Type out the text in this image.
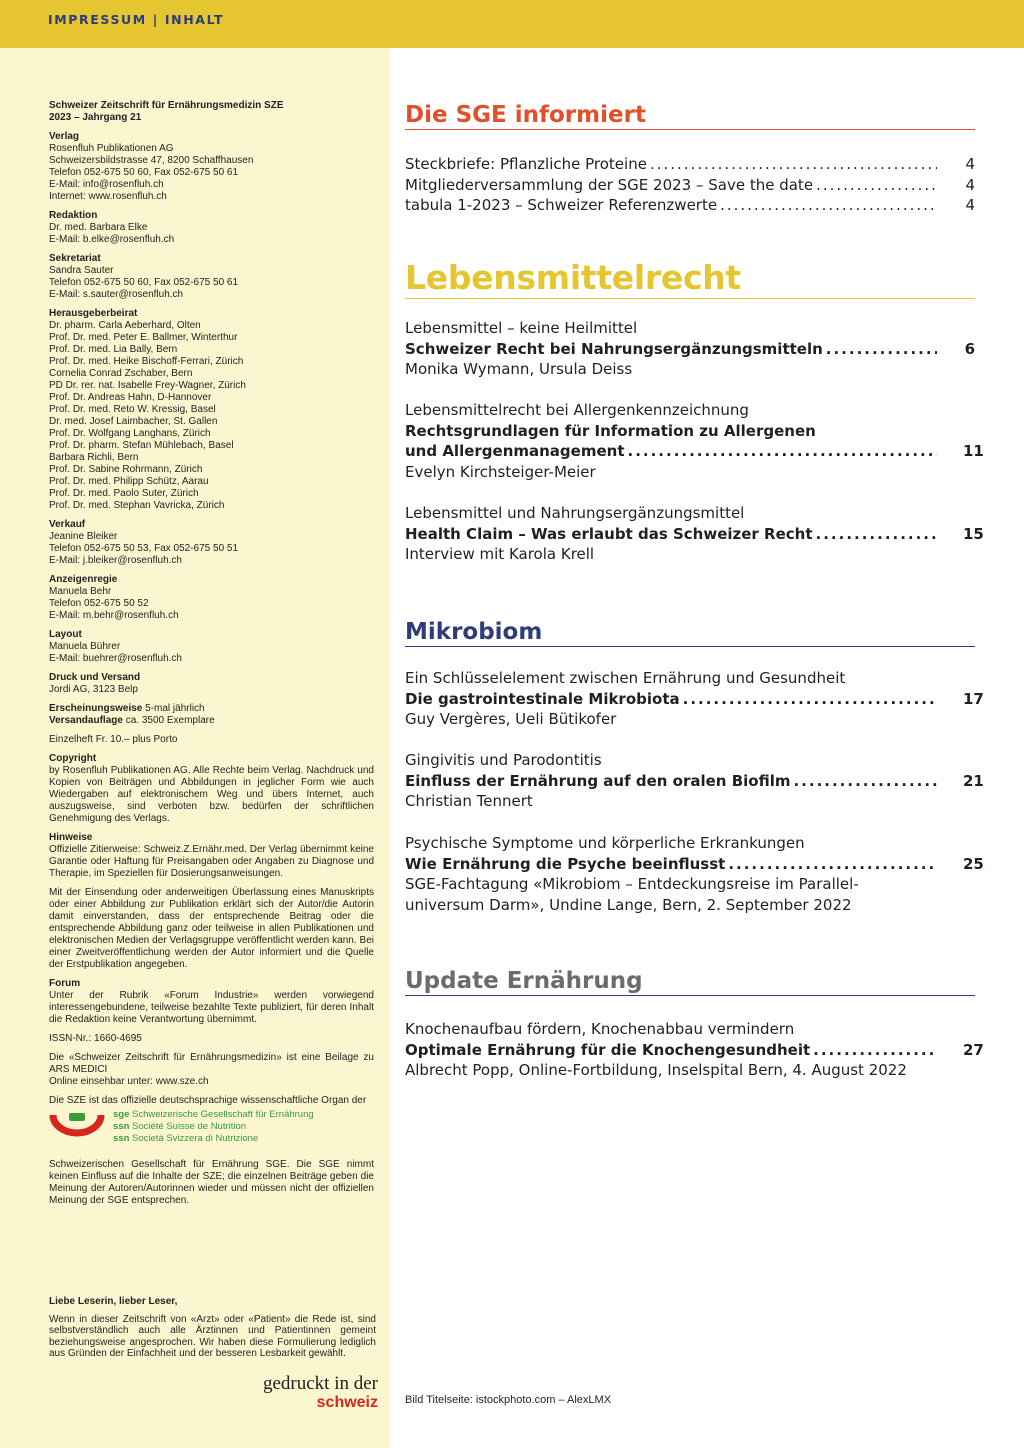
IMPRESSUM | INHALT
Schweizer Zeitschrift für Ernährungsmedizin SZE
2023 – Jahrgang 21
Verlag
Rosenfluh Publikationen AG
Schweizersbildstrasse 47, 8200 Schaffhausen
Telefon 052-675 50 60, Fax 052-675 50 61
E-Mail: info@rosenfluh.ch
Internet: www.rosenfluh.ch
Redaktion
Dr. med. Barbara Elke
E-Mail: b.elke@rosenfluh.ch
Sekretariat
Sandra Sauter
Telefon 052-675 50 60, Fax 052-675 50 61
E-Mail: s.sauter@rosenfluh.ch
Herausgeberbeirat
Dr. pharm. Carla Aeberhard, Olten
Prof. Dr. med. Peter E. Ballmer, Winterthur
Prof. Dr. med. Lia Bally, Bern
Prof. Dr. med. Heike Bischoff-Ferrari, Zürich
Cornelia Conrad Zschaber, Bern
PD Dr. rer. nat. Isabelle Frey-Wagner, Zürich
Prof. Dr. Andreas Hahn, D-Hannover
Prof. Dr. med. Reto W. Kressig, Basel
Dr. med. Josef Laimbacher, St. Gallen
Prof. Dr. Wolfgang Langhans, Zürich
Prof. Dr. pharm. Stefan Mühlebach, Basel
Barbara Richli, Bern
Prof. Dr. Sabine Rohrmann, Zürich
Prof. Dr. med. Philipp Schütz, Aarau
Prof. Dr. med. Paolo Suter, Zürich
Prof. Dr. med. Stephan Vavricka, Zürich
Verkauf
Jeanine Bleiker
Telefon 052-675 50 53, Fax 052-675 50 51
E-Mail: j.bleiker@rosenfluh.ch
Anzeigenregie
Manuela Behr
Telefon 052-675 50 52
E-Mail: m.behr@rosenfluh.ch
Layout
Manuela Bührer
E-Mail: buehrer@rosenfluh.ch
Druck und Versand
Jordi AG, 3123 Belp
Erscheinungsweise 5-mal jährlich
Versandauflage ca. 3500 Exemplare
Einzelheft Fr. 10.– plus Porto
Copyright
by Rosenfluh Publikationen AG. Alle Rechte beim Verlag. Nachdruck und Kopien von Beiträgen und Abbildungen in jeglicher Form wie auch Wiedergaben auf elektronischem Weg und übers Internet, auch auszugsweise, sind verboten bzw. bedürfen der schriftlichen Genehmigung des Verlags.
Hinweise
Offizielle Zitierweise: Schweiz.Z.Ernähr.med. Der Verlag übernimmt keine Garantie oder Haftung für Preisangaben oder Angaben zu Diagnose und Therapie, im Speziellen für Dosierungsanweisungen.
Mit der Einsendung oder anderweitigen Überlassung eines Manuskripts oder einer Abbildung zur Publikation erklärt sich der Autor/die Autorin damit einverstanden, dass der entsprechende Beitrag oder die entsprechende Abbildung ganz oder teilweise in allen Publikationen und elektronischen Medien der Verlagsgruppe veröffentlicht werden kann. Bei einer Zweitveröffentlichung werden der Autor informiert und die Quelle der Erstpublikation angegeben.
Forum
Unter der Rubrik «Forum Industrie» werden vorwiegend interessengebundene, teilweise bezahlte Texte publiziert, für deren Inhalt die Redaktion keine Verantwortung übernimmt.
ISSN-Nr.: 1660-4695
Die «Schweizer Zeitschrift für Ernährungsmedizin» ist eine Beilage zu ARS MEDICI
Online einsehbar unter: www.sze.ch
Die SZE ist das offizielle deutschsprachige wissenschaftliche Organ der
sge Schweizerische Gesellschaft für Ernährung
ssn Société Suisse de Nutrition
ssn Società Svizzera di Nutrizione
Schweizerischen Gesellschaft für Ernährung SGE. Die SGE nimmt keinen Einfluss auf die Inhalte der SZE; die einzelnen Beiträge geben die Meinung der Autoren/Autorinnen wieder und müssen nicht der offiziellen Meinung der SGE entsprechen.
Liebe Leserin, lieber Leser,
Wenn in dieser Zeitschrift von «Arzt» oder «Patient» die Rede ist, sind selbstverständlich auch alle Ärztinnen und Patientinnen gemeint beziehungsweise angesprochen. Wir haben diese Formulierung lediglich aus Gründen der Einfachheit und der besseren Lesbarkeit gewählt.
gedruckt in der
schweiz
Die SGE informiert
Steckbriefe: Pflanzliche Proteine .....	4
Mitgliederversammlung der SGE 2023 – Save the date .....	4
tabula 1-2023 – Schweizer Referenzwerte .....	4
Lebensmittelrecht
Lebensmittel – keine Heilmittel
Schweizer Recht bei Nahrungsergänzungsmitteln .....	6
Monika Wymann, Ursula Deiss
Lebensmittelrecht bei Allergenkennzeichnung
Rechtsgrundlagen für Information zu Allergenen
und Allergenmanagement .....	11
Evelyn Kirchsteiger-Meier
Lebensmittel und Nahrungsergänzungsmittel
Health Claim – Was erlaubt das Schweizer Recht .....	15
Interview mit Karola Krell
Mikrobiom
Ein Schlüsselelement zwischen Ernährung und Gesundheit
Die gastrointestinale Mikrobiota .....	17
Guy Vergères, Ueli Bütikofer
Gingivitis und Parodontitis
Einfluss der Ernährung auf den oralen Biofilm .....	21
Christian Tennert
Psychische Symptome und körperliche Erkrankungen
Wie Ernährung die Psyche beeinflusst .....	25
SGE-Fachtagung «Mikrobiom – Entdeckungsreise im Parallel-
universum Darm», Undine Lange, Bern, 2. September 2022
Update Ernährung
Knochenaufbau fördern, Knochenabbau vermindern
Optimale Ernährung für die Knochengesundheit .....	27
Albrecht Popp, Online-Fortbildung, Inselspital Bern, 4. August 2022
Bild Titelseite: istockphoto.com – AlexLMX
